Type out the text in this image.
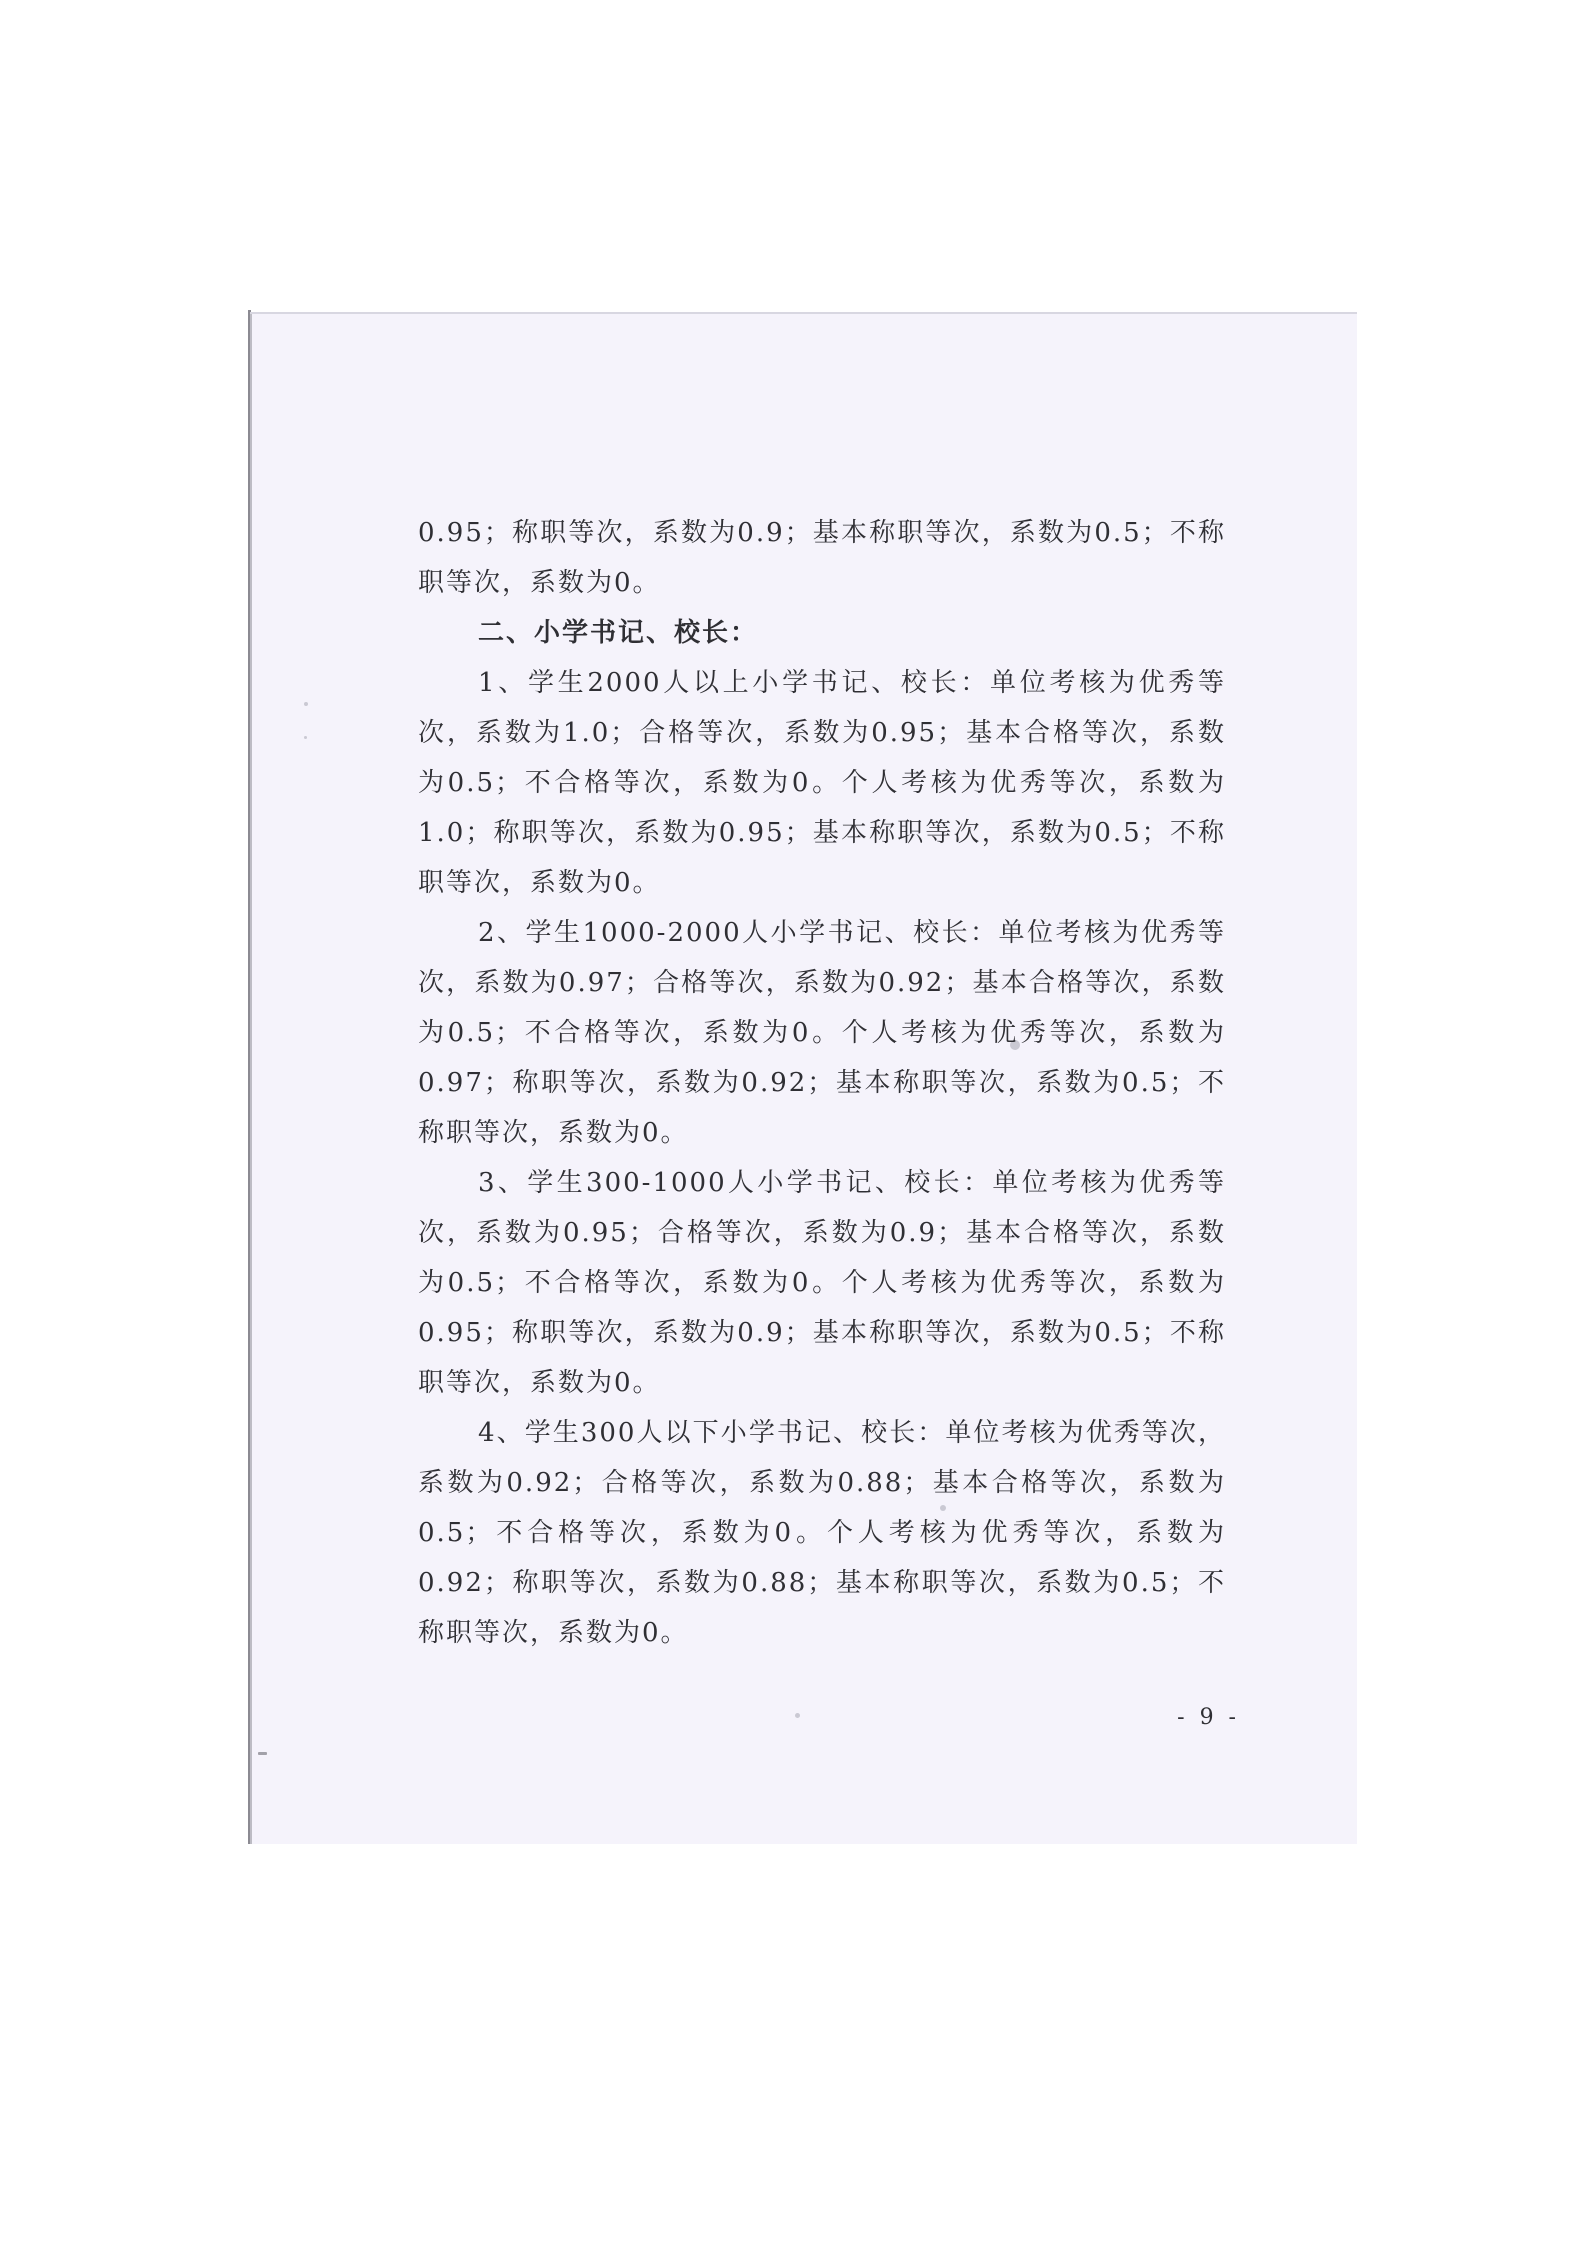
0.95；称职等次，系数为0.9；基本称职等次，系数为0.5；不称职等次，系数为0。

二、小学书记、校长：

1、学生2000人以上小学书记、校长：单位考核为优秀等次，系数为1.0；合格等次，系数为0.95；基本合格等次，系数为0.5；不合格等次，系数为0。个人考核为优秀等次，系数为1.0；称职等次，系数为0.95；基本称职等次，系数为0.5；不称职等次，系数为0。

2、学生1000-2000人小学书记、校长：单位考核为优秀等次，系数为0.97；合格等次，系数为0.92；基本合格等次，系数为0.5；不合格等次，系数为0。个人考核为优秀等次，系数为0.97；称职等次，系数为0.92；基本称职等次，系数为0.5；不称职等次，系数为0。

3、学生300-1000人小学书记、校长：单位考核为优秀等次，系数为0.95；合格等次，系数为0.9；基本合格等次，系数为0.5；不合格等次，系数为0。个人考核为优秀等次，系数为0.95；称职等次，系数为0.9；基本称职等次，系数为0.5；不称职等次，系数为0。

4、学生300人以下小学书记、校长：单位考核为优秀等次，系数为0.92；合格等次，系数为0.88；基本合格等次，系数为0.5；不合格等次，系数为0。个人考核为优秀等次，系数为0.92；称职等次，系数为0.88；基本称职等次，系数为0.5；不称职等次，系数为0。

- 9 -
